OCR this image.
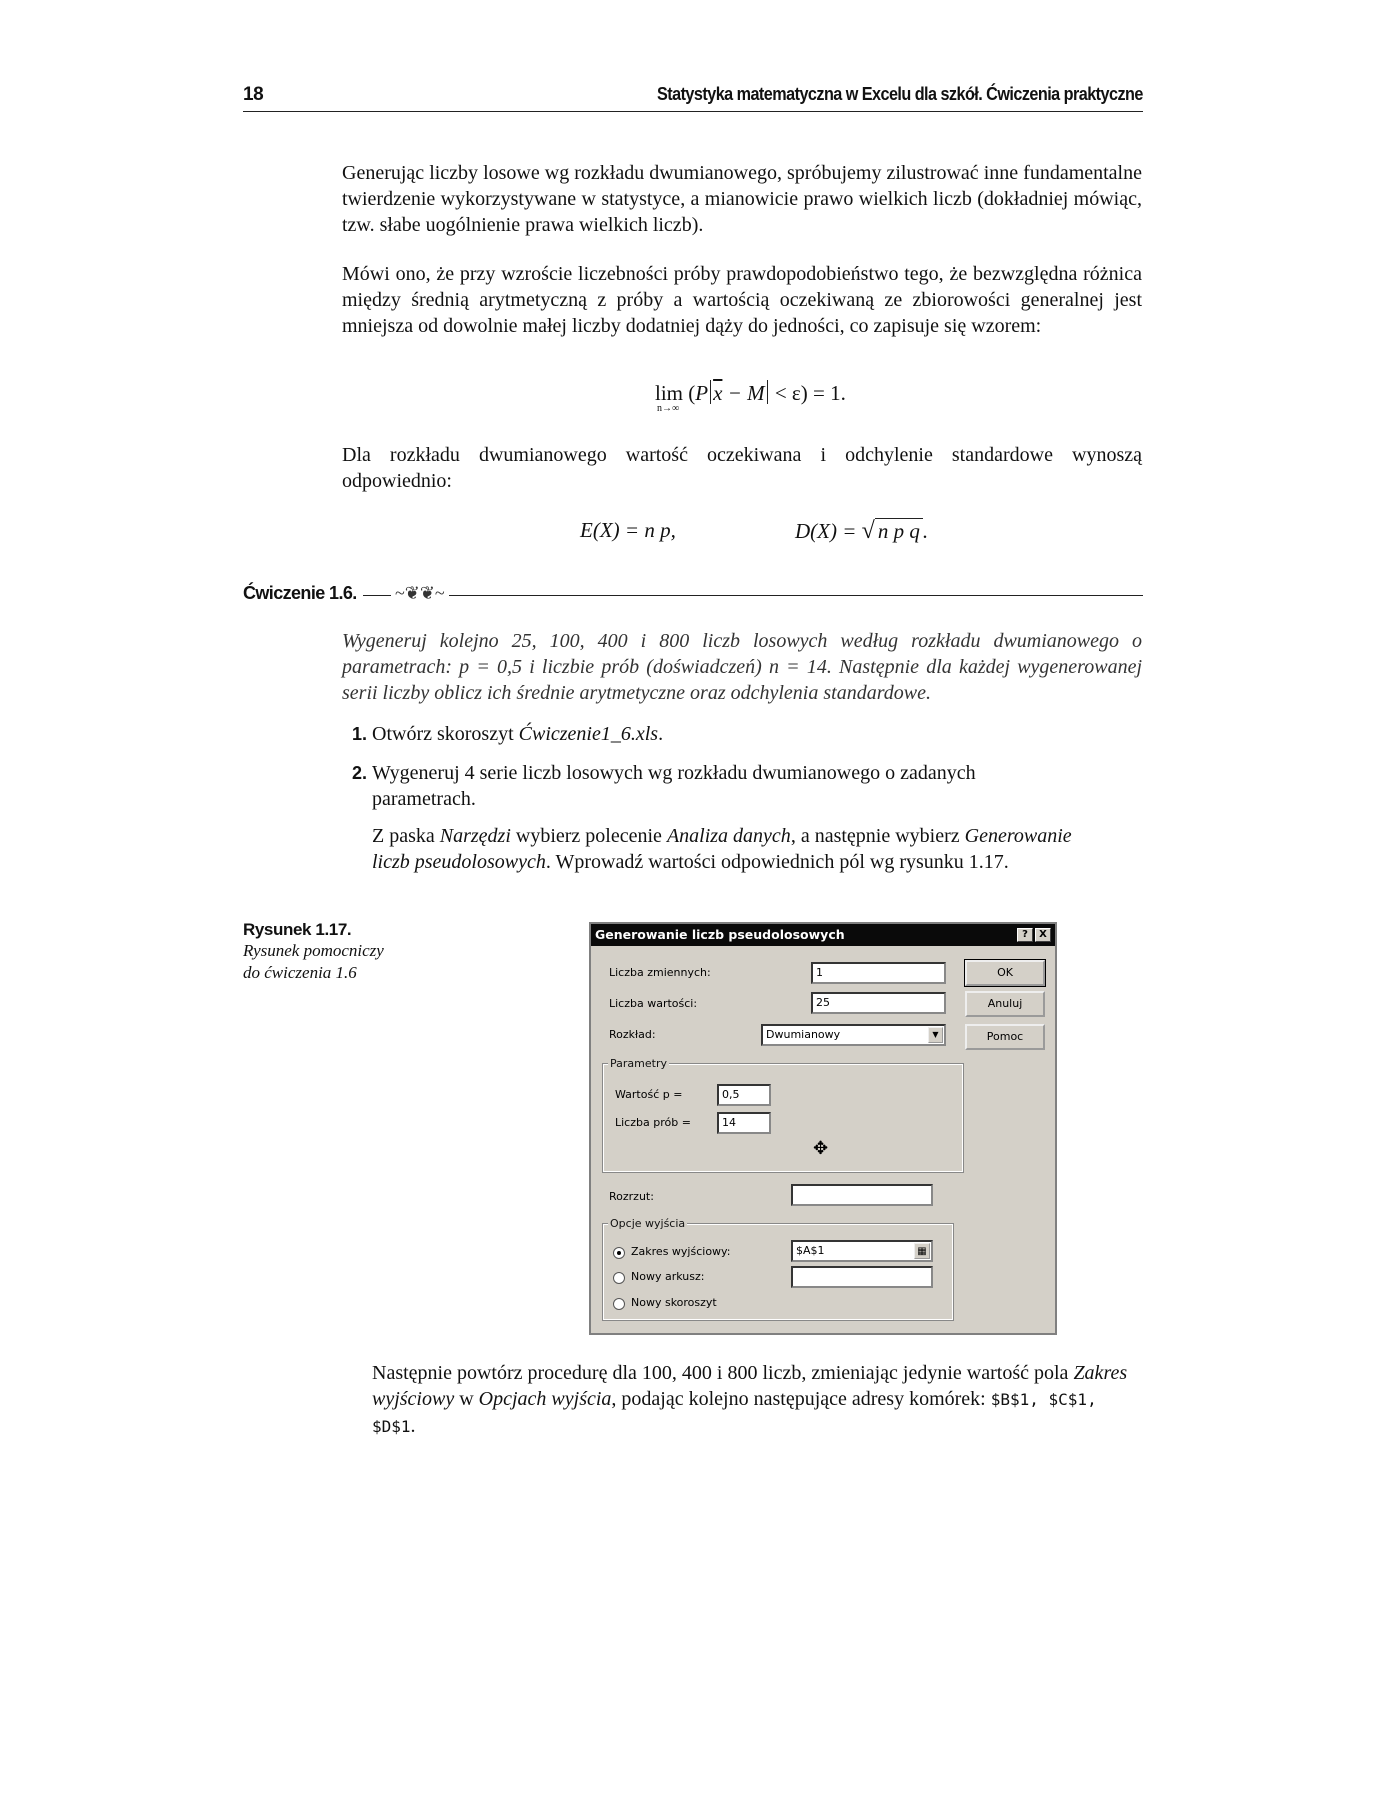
18	Statystyka matematyczna w Excelu dla szkół. Ćwiczenia praktyczne

Generując liczby losowe wg rozkładu dwumianowego, spróbujemy zilustrować inne fundamentalne twierdzenie wykorzystywane w statystyce, a mianowicie prawo wielkich liczb (dokładniej mówiąc, tzw. słabe uogólnienie prawa wielkich liczb).

Mówi ono, że przy wzroście liczebności próby prawdopodobieństwo tego, że bezwzględna różnica między średnią arytmetyczną z próby a wartością oczekiwaną ze zbiorowości generalnej jest mniejsza od dowolnie małej liczby dodatniej dąży do jedności, co zapisuje się wzorem:

lim
n→∞
(P $\overline{x} - M < \varepsilon) = 1$.

Dla rozkładu dwumianowego wartość oczekiwana i odchylenie standardowe wynoszą odpowiednio:

E(X) = n p,	D(X) = √ n p q .
Ćwiczenie 1.6.	~❦❦~

Wygeneruj kolejno 25, 100, 400 i 800 liczb losowych według rozkładu dwumianowego o parametrach: p = 0,5 i liczbie prób (doświadczeń) n = 14. Następnie dla każdej wygenerowanej serii liczby oblicz ich średnie arytmetyczne oraz odchylenia standardowe.

1. Otwórz skoroszyt Ćwiczenie1_6.xls.

2. Wygeneruj 4 serie liczb losowych wg rozkładu dwumianowego o zadanych parametrach.

Z paska Narzędzi wybierz polecenie Analiza danych, a następnie wybierz Generowanie liczb pseudolosowych. Wprowadź wartości odpowiednich pól wg rysunku 1.17.

Rysunek 1.17.
Rysunek pomocniczy
do ćwiczenia 1.6
Generowanie liczb pseudolosowych	?	X
Liczba zmiennych:	1
Liczba wartości:	25
Rozkład:	Dwumianowy	▼
OK
Anuluj
Pomoc
Parametry
Wartość p =	0,5
Liczba prób =	14
✥
Rozrzut:
Opcje wyjścia
Zakres wyjściowy:	$A$1	▦
Nowy arkusz:
Nowy skoroszyt

Następnie powtórz procedurę dla 100, 400 i 800 liczb, zmieniając jedynie wartość pola Zakres wyjściowy w Opcjach wyjścia, podając kolejno następujące adresy komórek: $B$1, $C$1, $D$1.
